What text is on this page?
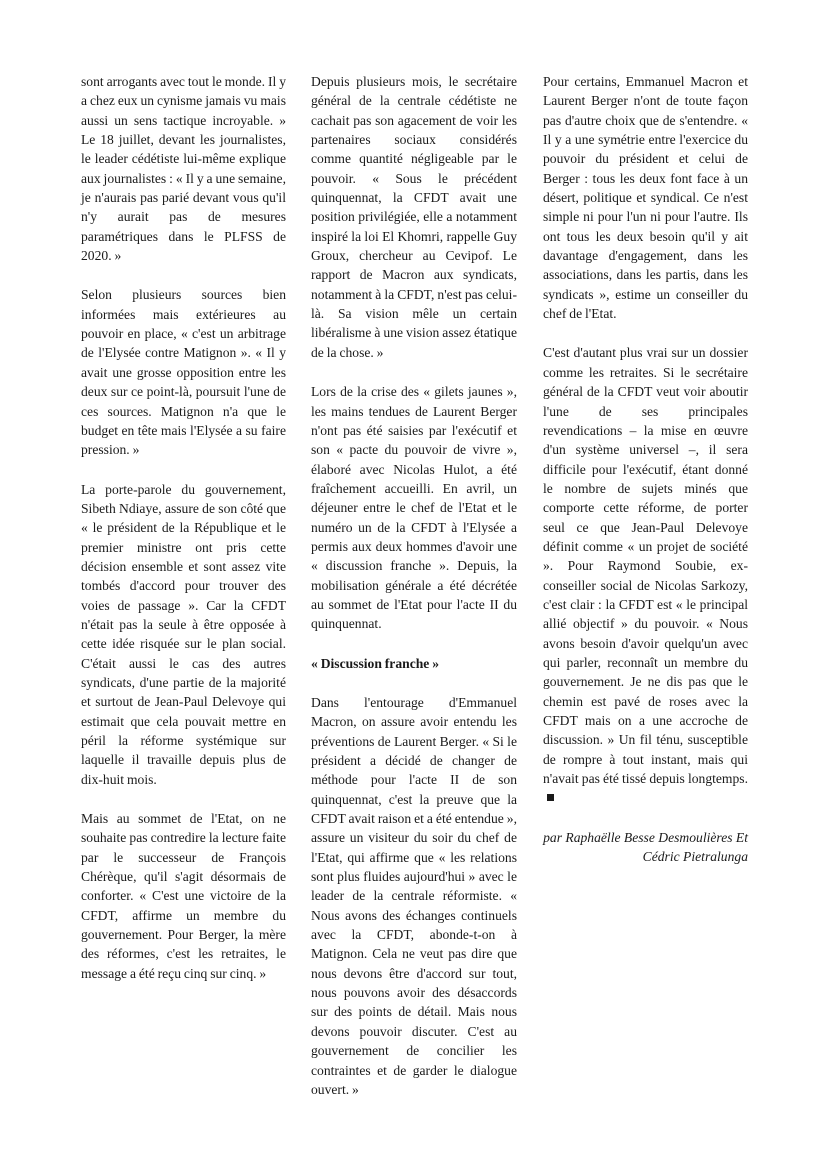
sont arrogants avec tout le monde. Il y a chez eux un cynisme jamais vu mais aussi un sens tactique incroyable. » Le 18 juillet, devant les journalistes, le leader cédétiste lui-même explique aux journalistes : « Il y a une semaine, je n'aurais pas parié devant vous qu'il n'y aurait pas de mesures paramétriques dans le PLFSS de 2020. »

Selon plusieurs sources bien informées mais extérieures au pouvoir en place, « c'est un arbitrage de l'Elysée contre Matignon ». « Il y avait une grosse opposition entre les deux sur ce point-là, poursuit l'une de ces sources. Matignon n'a que le budget en tête mais l'Elysée a su faire pression. »

La porte-parole du gouvernement, Sibeth Ndiaye, assure de son côté que « le président de la République et le premier ministre ont pris cette décision ensemble et sont assez vite tombés d'accord pour trouver des voies de passage ». Car la CFDT n'était pas la seule à être opposée à cette idée risquée sur le plan social. C'était aussi le cas des autres syndicats, d'une partie de la majorité et surtout de Jean-Paul Delevoye qui estimait que cela pouvait mettre en péril la réforme systémique sur laquelle il travaille depuis plus de dix-huit mois.

Mais au sommet de l'Etat, on ne souhaite pas contredire la lecture faite par le successeur de François Chérèque, qu'il s'agit désormais de conforter. « C'est une victoire de la CFDT, affirme un membre du gouvernement. Pour Berger, la mère des réformes, c'est les retraites, le message a été reçu cinq sur cinq. »

Depuis plusieurs mois, le secrétaire général de la centrale cédétiste ne cachait pas son agacement de voir les partenaires sociaux considérés comme quantité négligeable par le pouvoir. « Sous le précédent quinquennat, la CFDT avait une position privilégiée, elle a notamment inspiré la loi El Khomri, rappelle Guy Groux, chercheur au Cevipof. Le rapport de Macron aux syndicats, notamment à la CFDT, n'est pas celui-là. Sa vision mêle un certain libéralisme à une vision assez étatique de la chose. »

Lors de la crise des « gilets jaunes », les mains tendues de Laurent Berger n'ont pas été saisies par l'exécutif et son « pacte du pouvoir de vivre », élaboré avec Nicolas Hulot, a été fraîchement accueilli. En avril, un déjeuner entre le chef de l'Etat et le numéro un de la CFDT à l'Elysée a permis aux deux hommes d'avoir une « discussion franche ». Depuis, la mobilisation générale a été décrétée au sommet de l'Etat pour l'acte II du quinquennat.

« Discussion franche »

Dans l'entourage d'Emmanuel Macron, on assure avoir entendu les préventions de Laurent Berger. « Si le président a décidé de changer de méthode pour l'acte II de son quinquennat, c'est la preuve que la CFDT avait raison et a été entendue », assure un visiteur du soir du chef de l'Etat, qui affirme que « les relations sont plus fluides aujourd'hui » avec le leader de la centrale réformiste. « Nous avons des échanges continuels avec la CFDT, abonde-t-on à Matignon. Cela ne veut pas dire que nous devons être d'accord sur tout, nous pouvons avoir des désaccords sur des points de détail. Mais nous devons pouvoir discuter. C'est au gouvernement de concilier les contraintes et de garder le dialogue ouvert. »

Pour certains, Emmanuel Macron et Laurent Berger n'ont de toute façon pas d'autre choix que de s'entendre. « Il y a une symétrie entre l'exercice du pouvoir du président et celui de Berger : tous les deux font face à un désert, politique et syndical. Ce n'est simple ni pour l'un ni pour l'autre. Ils ont tous les deux besoin qu'il y ait davantage d'engagement, dans les associations, dans les partis, dans les syndicats », estime un conseiller du chef de l'Etat.

C'est d'autant plus vrai sur un dossier comme les retraites. Si le secrétaire général de la CFDT veut voir aboutir l'une de ses principales revendications – la mise en œuvre d'un système universel –, il sera difficile pour l'exécutif, étant donné le nombre de sujets minés que comporte cette réforme, de porter seul ce que Jean-Paul Delevoye définit comme « un projet de société ». Pour Raymond Soubie, ex-conseiller social de Nicolas Sarkozy, c'est clair : la CFDT est « le principal allié objectif » du pouvoir. « Nous avons besoin d'avoir quelqu'un avec qui parler, reconnaît un membre du gouvernement. Je ne dis pas que le chemin est pavé de roses avec la CFDT mais on a une accroche de discussion. » Un fil ténu, susceptible de rompre à tout instant, mais qui n'avait pas été tissé depuis longtemps.

par Raphaëlle Besse Desmoulières Et Cédric Pietralunga
